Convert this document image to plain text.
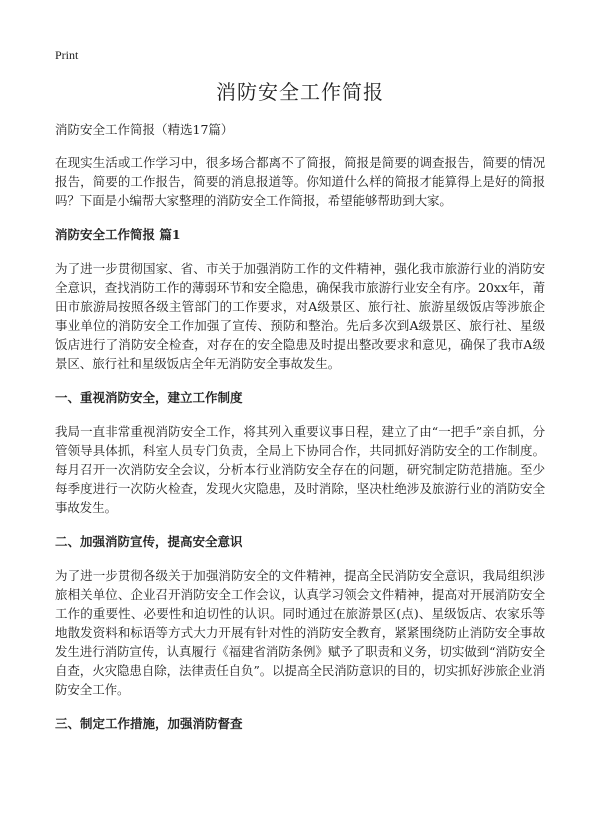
Print
消防安全工作简报
消防安全工作简报（精选17篇）

在现实生活或工作学习中，很多场合都离不了简报，简报是简要的调查报告，简要的情况报告，简要的工作报告，简要的消息报道等。你知道什么样的简报才能算得上是好的简报吗？下面是小编帮大家整理的消防安全工作简报，希望能够帮助到大家。

消防安全工作简报 篇1

为了进一步贯彻国家、省、市关于加强消防工作的文件精神，强化我市旅游行业的消防安全意识，查找消防工作的薄弱环节和安全隐患，确保我市旅游行业安全有序。20xx年，莆田市旅游局按照各级主管部门的工作要求，对A级景区、旅行社、旅游星级饭店等涉旅企事业单位的消防安全工作加强了宣传、预防和整治。先后多次到A级景区、旅行社、星级饭店进行了消防安全检查，对存在的安全隐患及时提出整改要求和意见，确保了我市A级景区、旅行社和星级饭店全年无消防安全事故发生。

一、重视消防安全，建立工作制度

我局一直非常重视消防安全工作，将其列入重要议事日程，建立了由“一把手”亲自抓，分管领导具体抓，科室人员专门负责，全局上下协同合作，共同抓好消防安全的工作制度。每月召开一次消防安全会议，分析本行业消防安全存在的问题，研究制定防范措施。至少每季度进行一次防火检查，发现火灾隐患，及时消除，坚决杜绝涉及旅游行业的消防安全事故发生。

二、加强消防宣传，提高安全意识

为了进一步贯彻各级关于加强消防安全的文件精神，提高全民消防安全意识，我局组织涉旅相关单位、企业召开消防安全工作会议，认真学习领会文件精神，提高对开展消防安全工作的重要性、必要性和迫切性的认识。同时通过在旅游景区(点)、星级饭店、农家乐等地散发资料和标语等方式大力开展有针对性的消防安全教育，紧紧围绕防止消防安全事故发生进行消防宣传，认真履行《福建省消防条例》赋予了职责和义务，切实做到“消防安全自查，火灾隐患自除，法律责任自负”。以提高全民消防意识的目的，切实抓好涉旅企业消防安全工作。

三、制定工作措施，加强消防督查
